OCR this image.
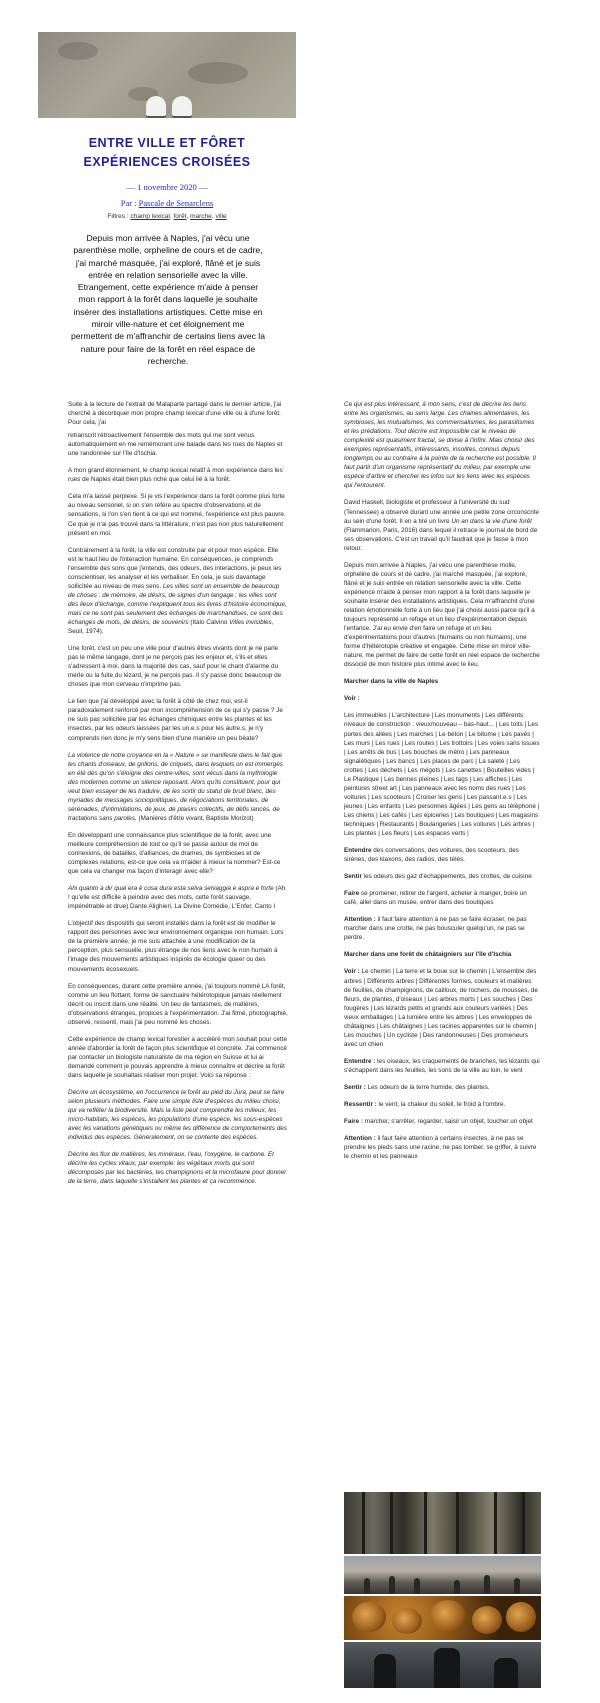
ENTRE VILLE ET FÔRET
EXPÉRIENCES CROISÉES
— 1 novembre 2020 —
Par : Pascale de Senarclens
Filtres : champ lexical, forêt, marche, ville
Depuis mon arrivée à Naples, j'ai vécu une parenthèse molle, orpheline de cours et de cadre, j'ai marché masquée, j'ai exploré, flâné et je suis entrée en relation sensorielle avec la ville. Etrangement, cette expérience m'aide à penser mon rapport à la forêt dans laquelle je souhaite insérer des installations artistiques. Cette mise en miroir ville-nature et cet éloignement me permettent de m'affranchir de certains liens avec la nature pour faire de la forêt en réel espace de recherche.

Suite à la lecture de l'extrait de Malaparte partagé dans le dernier article, j'ai cherché à décortiquer mon propre champ lexical d'une ville ou à d'une forêt. Pour cela, j'ai

retranscrit rétroactivement l'ensemble des mots qui me sont venus automatiquement en me remémorant une balade dans les rues de Naples et une randonnée sur l'île d'Ischia.

A mon grand étonnement, le champ lexical relatif à mon expérience dans les rues de Naples était bien plus riche que celui lié à la forêt.

Cela m'a laissé perplexe. Si je vis l'expérience dans la forêt comme plus forte au niveau sensoriel, si on s'en réfère au spectre d'observations et de sensations, si l'on s'en tient à ce qui est nommé, l'expérience est plus pauvre. Ce que je n'ai pas trouvé dans la littérature, n'est pas non plus naturellement présent en moi.

Contrairement à la forêt, la ville est construite par et pour mon espèce. Elle est le haut lieu de l'interaction humaine. En conséquences, je comprends l'ensemble des sons que j'entends, des odeurs, des interactions, je peux les conscientiser, les analyser et les verbaliser. En cela, je suis davantage sollicitée au niveau de mes sens. Les villes sont un ensemble de beaucoup de choses : de mémoire, de désirs, de signes d'un langage ; les villes sont des lieux d'échange, comme l'expliquent tous les livres d'histoire économique, mais ce ne sont pas seulement des échanges de marchandises, ce sont des échanges de mots, de désirs, de souvenirs (Italo Calvino Villes invisibles, Seuil, 1974).

Une forêt, c'est un peu une ville pour d'autres êtres vivants dont je ne parle pas le même langage, dont je ne perçois pas les enjeux et, s'ils et elles s'adressent à moi, dans la majorité des cas, sauf pour le chant d'alarme du merle ou la fuite du lézard, je ne perçois pas. Il s'y passe donc beaucoup de choses que mon cerveau n'imprime pas.

Le lien que j'ai développé avec la forêt à côté de chez moi, est-il paradoxalement renforcé par mon incompréhension de ce qui s'y passe ? Je ne suis pas sollicitée par les échanges chimiques entre les plantes et les insectes, par les odeurs laissées par les un.e.s pour les autre.s, je n'y comprends rien donc je m'y sens bien d'une manière un peu béate?

La violence de notre croyance en la « Nature » se manifeste dans le fait que les chants d'oiseaux, de grillons, de criquets, dans lesquels on est immergés en été dès qu'on s'éloigne des centre-villes, sont vécus dans la mythologie des modernes comme un silence reposant. Alors qu'ils constituent, pour qui veut bien essayer de les traduire, de les sortir du statut de bruit blanc, des myriades de messages sociopolitiques, de négociations territoriales, de sérénades, d'intimidations, de jeux, de plaisirs collectifs, de défis lancés, de tractations sans paroles. (Manières d'être vivant, Baptiste Morizot)

En développant une connaissance plus scientifique de la forêt, avec une meilleure compréhension de tout ce qu'il se passe autour de moi de connexions, de batailles, d'alliances, de drames, de symbioses et de complexes relations, est-ce que cela va m'aider à mieux la nommer? Est-ce que cela va changer ma façon d'interagir avec elle?

Ahi quanto a dir qual era è cosa dura esta selva selvaggia e aspra e forte (Ah ! qu'elle est difficile à peindre avec des mots, cette forêt sauvage, impénétrable et drue) Dante Alighieri, La Divine Comédie, L'Enfer, Canto I

L'objectif des dispositifs qui seront installés dans la forêt est de modifier le rapport des personnes avec leur environnement organique non humain. Lors de la première année, je me suis attachée à une modification de la perception, plus sensuelle, plus étrange de nos liens avec le non humain à l'image des mouvements artistiques inspirés de écologie queer ou des mouvements écosexuels.

En conséquences, durant cette première année, j'ai toujours nommé LA forêt, comme un lieu flottant, forme de sanctuaire hétérotopique jamais réellement décrit ou inscrit dans une réalité. Un lieu de fantasmes, de matières, d'observations étranges, propices à l'expérimentation. J'ai filmé, photographié, observé, ressenti, mais j'ai peu nommé les choses.

Cette expérience de champ lexical forestier a accéléré mon souhait pour cette année d'aborder la forêt de façon plus scientifique et concrète. J'ai commencé par contacter un biologiste naturaliste de ma région en Suisse et lui ai demandé comment je pouvais apprendre à mieux connaître et décrire la forêt dans laquelle je souhaitais réaliser mon projet. Voici sa réponse :

Décrire un écosystème, en l'occurrence la forêt au pied du Jura, peut se faire selon plusieurs méthodes. Faire une simple liste d'espèces du milieu choisi, qui va refléter la biodiversité. Mais la liste peut comprendre les milieux, les micro-habitats, les espèces, les populations d'une espèce, les sous-espèces avec les variations génétiques ou même les différence de comportements des individus des espèces. Généralement, on se contente des espèces.

Décrire les flux de matières, les minéraux, l'eau, l'oxygène, le carbone. Et décrire les cycles vitaux, par exemple: les végétaux morts qui sont décomposés par les bactéries, les champignons et la microfaune pour donner de la terre, dans laquelle s'installent les plantes et ça recommence.

Ce qui est plus intéressant, à mon sens, c'est de décrire les liens entre les organismes, au sens large. Les chaines alimentaires, les symbioses, les mutualismes, les commensalismes, les parasitismes et les prédations. Tout décrire est impossible car le niveau de complexité est quasiment fractal, se divise à l'infini. Mais choisir des exemples représentatifs, intéressants, insolites, connus depuis longtemps ou au contraire à la pointe de la recherche est possible. Il faut partir d'un organisme représentatif du milieu, par exemple une espèce d'arbre et chercher les infos sur les liens avec les espèces qui l'entourent.

David Haskell, biologiste et professeur à l'université du sud (Tennessee) a observé durant une année une petite zone circonscrite au sein d'une forêt. Il en a tiré un livre Un an dans la vie d'une forêt (Flammarion, Paris, 2016) dans lequel il retrace le journal de bord de ses observations. C'est un travail qu'il faudrait que je fasse à mon retour.

Depuis mon arrivée à Naples, j'ai vécu une parenthèse molle, orpheline de cours et de cadre, j'ai marché masquée, j'ai exploré, flâné et je suis entrée en relation sensorielle avec la ville. Cette expérience m'aide à penser mon rapport à la forêt dans laquelle je souhaite insérer des installations artistiques. Cela m'affranchit d'une relation émotionnelle forte à un lieu que j'ai choisi aussi parce qu'il a toujours représenté un refuge et un lieu d'expérimentation depuis l'enfance. J'ai eu envie d'en faire un refuge et un lieu d'expérimentations pour d'autres (humains ou non humains), une forme d'hétérotopie créative et engagée. Cette mise en miroir ville-nature, me permet de faire de cette forêt en réel espace de recherche dissocié de mon histoire plus intime avec le lieu.

Marcher dans la ville de Naples

Voir :

Les immeubles | L'architecture | Les monuments | Les différents niveaux de construction : vieux/nouveau – bas-haut... | Les toits | Les portes des allées | Les marches | Le béton | Le bitume | Les pavés | Les murs | Les rues | Les routes | Les trottoirs | Les voies sans issues | Les arrêts de bus | Les bouches de métro | Les panneaux signalétiques | Les bancs | Les places de parc | La saleté | Les crottes | Les déchets | Les mégots | Les canettes | Bouteilles vides | Le Plastique | Les bennes pleines | Les tags | Les affiches | Les peintures street art | Les panneaux avec les noms des rues | Les voitures | Les scooteurs | Croiser les gens | Les passant.e.s | Les jeunes | Les enfants | Les personnes âgées | Les gens au téléphone | Les chiens | Les cafés | Les épiceries | Les boutiques | Les magasins techniques | Restaurants | Boulangeries | Les voitures | Les arbres | Les plantes | Les fleurs | Les espaces verts |

Entendre des conversations, des voitures, des scooteurs, des sirènes, des klaxons, des radios, des télés.

Sentir les odeurs des gaz d'échappements, des crottes, de cuisine

Faire se promener, retirer de l'argent, acheter à manger, boire un café, aller dans un musée, entrer dans des boutiques

Attention : il faut faire attention à ne pas se faire écraser, ne pas marcher dans une crotte, ne pas bousculer quelqu'un, ne pas se perdre.

Marcher dans une forêt de châtaigniers sur l'île d'Ischia

Voir : Le chemin | La terre et la boue sur le chemin | L'ensemble des arbres | Différents arbres | Différentes formes, couleurs et matières de feuilles, de champignons, de cailloux, de rochers, de mousses, de fleurs, de plantes, d'oiseaux | Les arbres morts | Les souches | Des fougères | Les lézards petits et grands aux couleurs variées | Des vieux emballages | La lumière entre les arbres | Les enveloppes de châtaignes | Les châtaignes | Les racines apparentes sur le chemin | Les mouches | Un cycliste | Des randonneuses | Des promeneurs avec un chien

Entendre : les oiseaux, les craquements de branches, les lézards qui s'échappent dans les feuilles, les sons de la ville au loin, le vent

Sentir : Les odeurs de la terre humide, des plantes.

Ressentir : le vent, la chaleur du soleil, le froid à l'ombre.

Faire : marcher, s'arrêter, regarder, saisir un objet, toucher un objet

Attention : il faut faire attention à certains insectes, à ne pas se prendre les pieds sans une racine, ne pas tomber, se griffer, à suivre le chemin et les panneaux
